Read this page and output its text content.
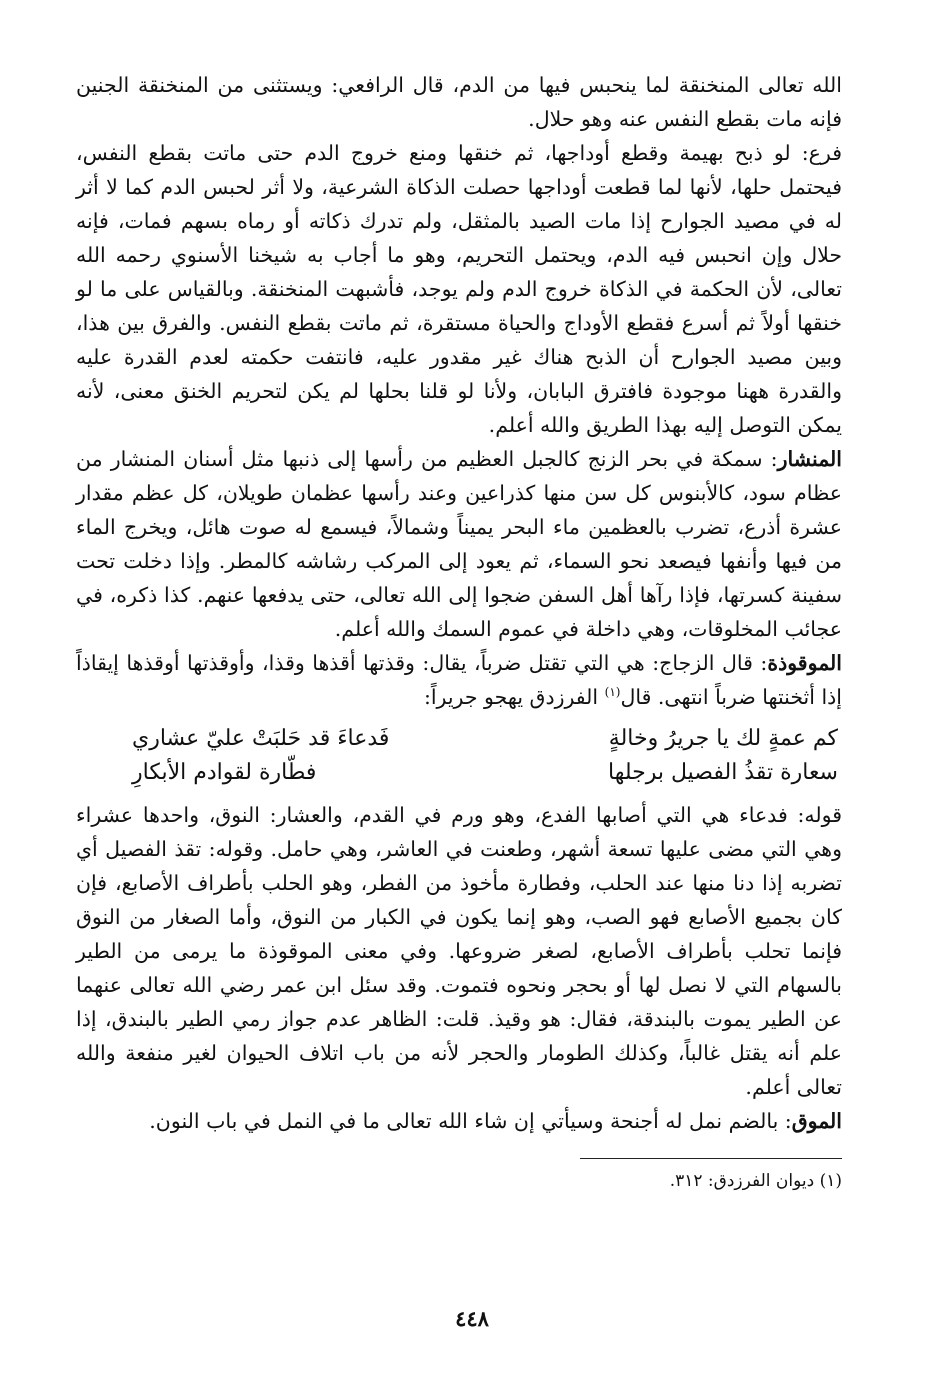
الله تعالى المنخنقة لما ينحبس فيها من الدم، قال الرافعي: ويستثنى من المنخنقة الجنين فإنه مات بقطع النفس عنه وهو حلال.

فرع: لو ذبح بهيمة وقطع أوداجها، ثم خنقها ومنع خروج الدم حتى ماتت بقطع النفس، فيحتمل حلها، لأنها لما قطعت أوداجها حصلت الذكاة الشرعية، ولا أثر لحبس الدم كما لا أثر له في مصيد الجوارح إذا مات الصيد بالمثقل، ولم تدرك ذكاته أو رماه بسهم فمات، فإنه حلال وإن انحبس فيه الدم، ويحتمل التحريم، وهو ما أجاب به شيخنا الأسنوي رحمه الله تعالى، لأن الحكمة في الذكاة خروج الدم ولم يوجد، فأشبهت المنخنقة. وبالقياس على ما لو خنقها أولاً ثم أسرع فقطع الأوداج والحياة مستقرة، ثم ماتت بقطع النفس. والفرق بين هذا، وبين مصيد الجوارح أن الذبح هناك غير مقدور عليه، فانتفت حكمته لعدم القدرة عليه والقدرة ههنا موجودة فافترق البابان، ولأنا لو قلنا بحلها لم يكن لتحريم الخنق معنى، لأنه يمكن التوصل إليه بهذا الطريق والله أعلم.

المنشار: سمكة في بحر الزنج كالجبل العظيم من رأسها إلى ذنبها مثل أسنان المنشار من عظام سود، كالأبنوس كل سن منها كذراعين وعند رأسها عظمان طويلان، كل عظم مقدار عشرة أذرع، تضرب بالعظمين ماء البحر يميناً وشمالاً، فيسمع له صوت هائل، ويخرج الماء من فيها وأنفها فيصعد نحو السماء، ثم يعود إلى المركب رشاشه كالمطر. وإذا دخلت تحت سفينة كسرتها، فإذا رآها أهل السفن ضجوا إلى الله تعالى، حتى يدفعها عنهم. كذا ذكره، في عجائب المخلوقات، وهي داخلة في عموم السمك والله أعلم.

الموقوذة: قال الزجاج: هي التي تقتل ضرباً، يقال: وقذتها أقذها وقذا، وأوقذتها أوقذها إيقاذاً إذا أثخنتها ضرباً انتهى. قال$^{(١)}$ الفرزدق يهجو جريراً:

كم عمةٍ لك يا جريرُ وخالةٍ
فَدعاءَ قد حَلبَتْ عليّ عشاري
سعارة تقذُ الفصيل برجلها
فطّارة لقوادم الأبكارِ

قوله: فدعاء هي التي أصابها الفدع، وهو ورم في القدم، والعشار: النوق، واحدها عشراء وهي التي مضى عليها تسعة أشهر، وطعنت في العاشر، وهي حامل. وقوله: تقذ الفصيل أي تضربه إذا دنا منها عند الحلب، وفطارة مأخوذ من الفطر، وهو الحلب بأطراف الأصابع، فإن كان بجميع الأصابع فهو الصب، وهو إنما يكون في الكبار من النوق، وأما الصغار من النوق فإنما تحلب بأطراف الأصابع، لصغر ضروعها. وفي معنى الموقوذة ما يرمى من الطير بالسهام التي لا نصل لها أو بحجر ونحوه فتموت. وقد سئل ابن عمر رضي الله تعالى عنهما عن الطير يموت بالبندقة، فقال: هو وقيذ. قلت: الظاهر عدم جواز رمي الطير بالبندق، إذا علم أنه يقتل غالباً، وكذلك الطومار والحجر لأنه من باب اتلاف الحيوان لغير منفعة والله تعالى أعلم.

الموق: بالضم نمل له أجنحة وسيأتي إن شاء الله تعالى ما في النمل في باب النون.

(١) ديوان الفرزدق: ٣١٢.
٤٤٨
